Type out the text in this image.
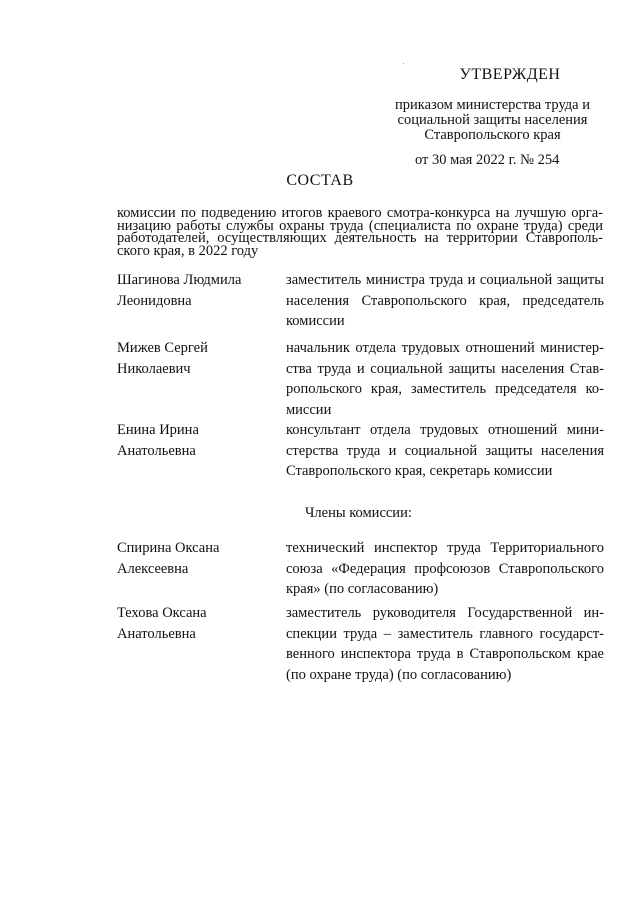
УТВЕРЖДЕН
приказом министерства труда и
социальной защиты населения
Ставропольского края
от 30 мая 2022 г. № 254
СОСТАВ
комиссии по подведению итогов краевого смотра-конкурса на лучшую орга-
низацию работы службы охраны труда (специалиста по охране труда) среди
работодателей, осуществляющих деятельность на территории Ставрополь-
ского края, в 2022 году
Шагинова Людмила
Леонидовна
заместитель министра труда и социальной защиты
населения Ставропольского края, председатель
комиссии
Мижев Сергей
Николаевич
начальник отдела трудовых отношений министер-
ства труда и социальной защиты населения Став-
ропольского края, заместитель председателя ко-
миссии
Енина Ирина
Анатольевна
консультант отдела трудовых отношений мини-
стерства труда и социальной защиты населения
Ставропольского края, секретарь комиссии
Члены комиссии:
Спирина Оксана
Алексеевна
технический инспектор труда Территориального
союза «Федерация профсоюзов Ставропольского
края» (по согласованию)
Техова Оксана
Анатольевна
заместитель руководителя Государственной ин-
спекции труда – заместитель главного государст-
венного инспектора труда в Ставропольском крае
(по охране труда) (по согласованию)
